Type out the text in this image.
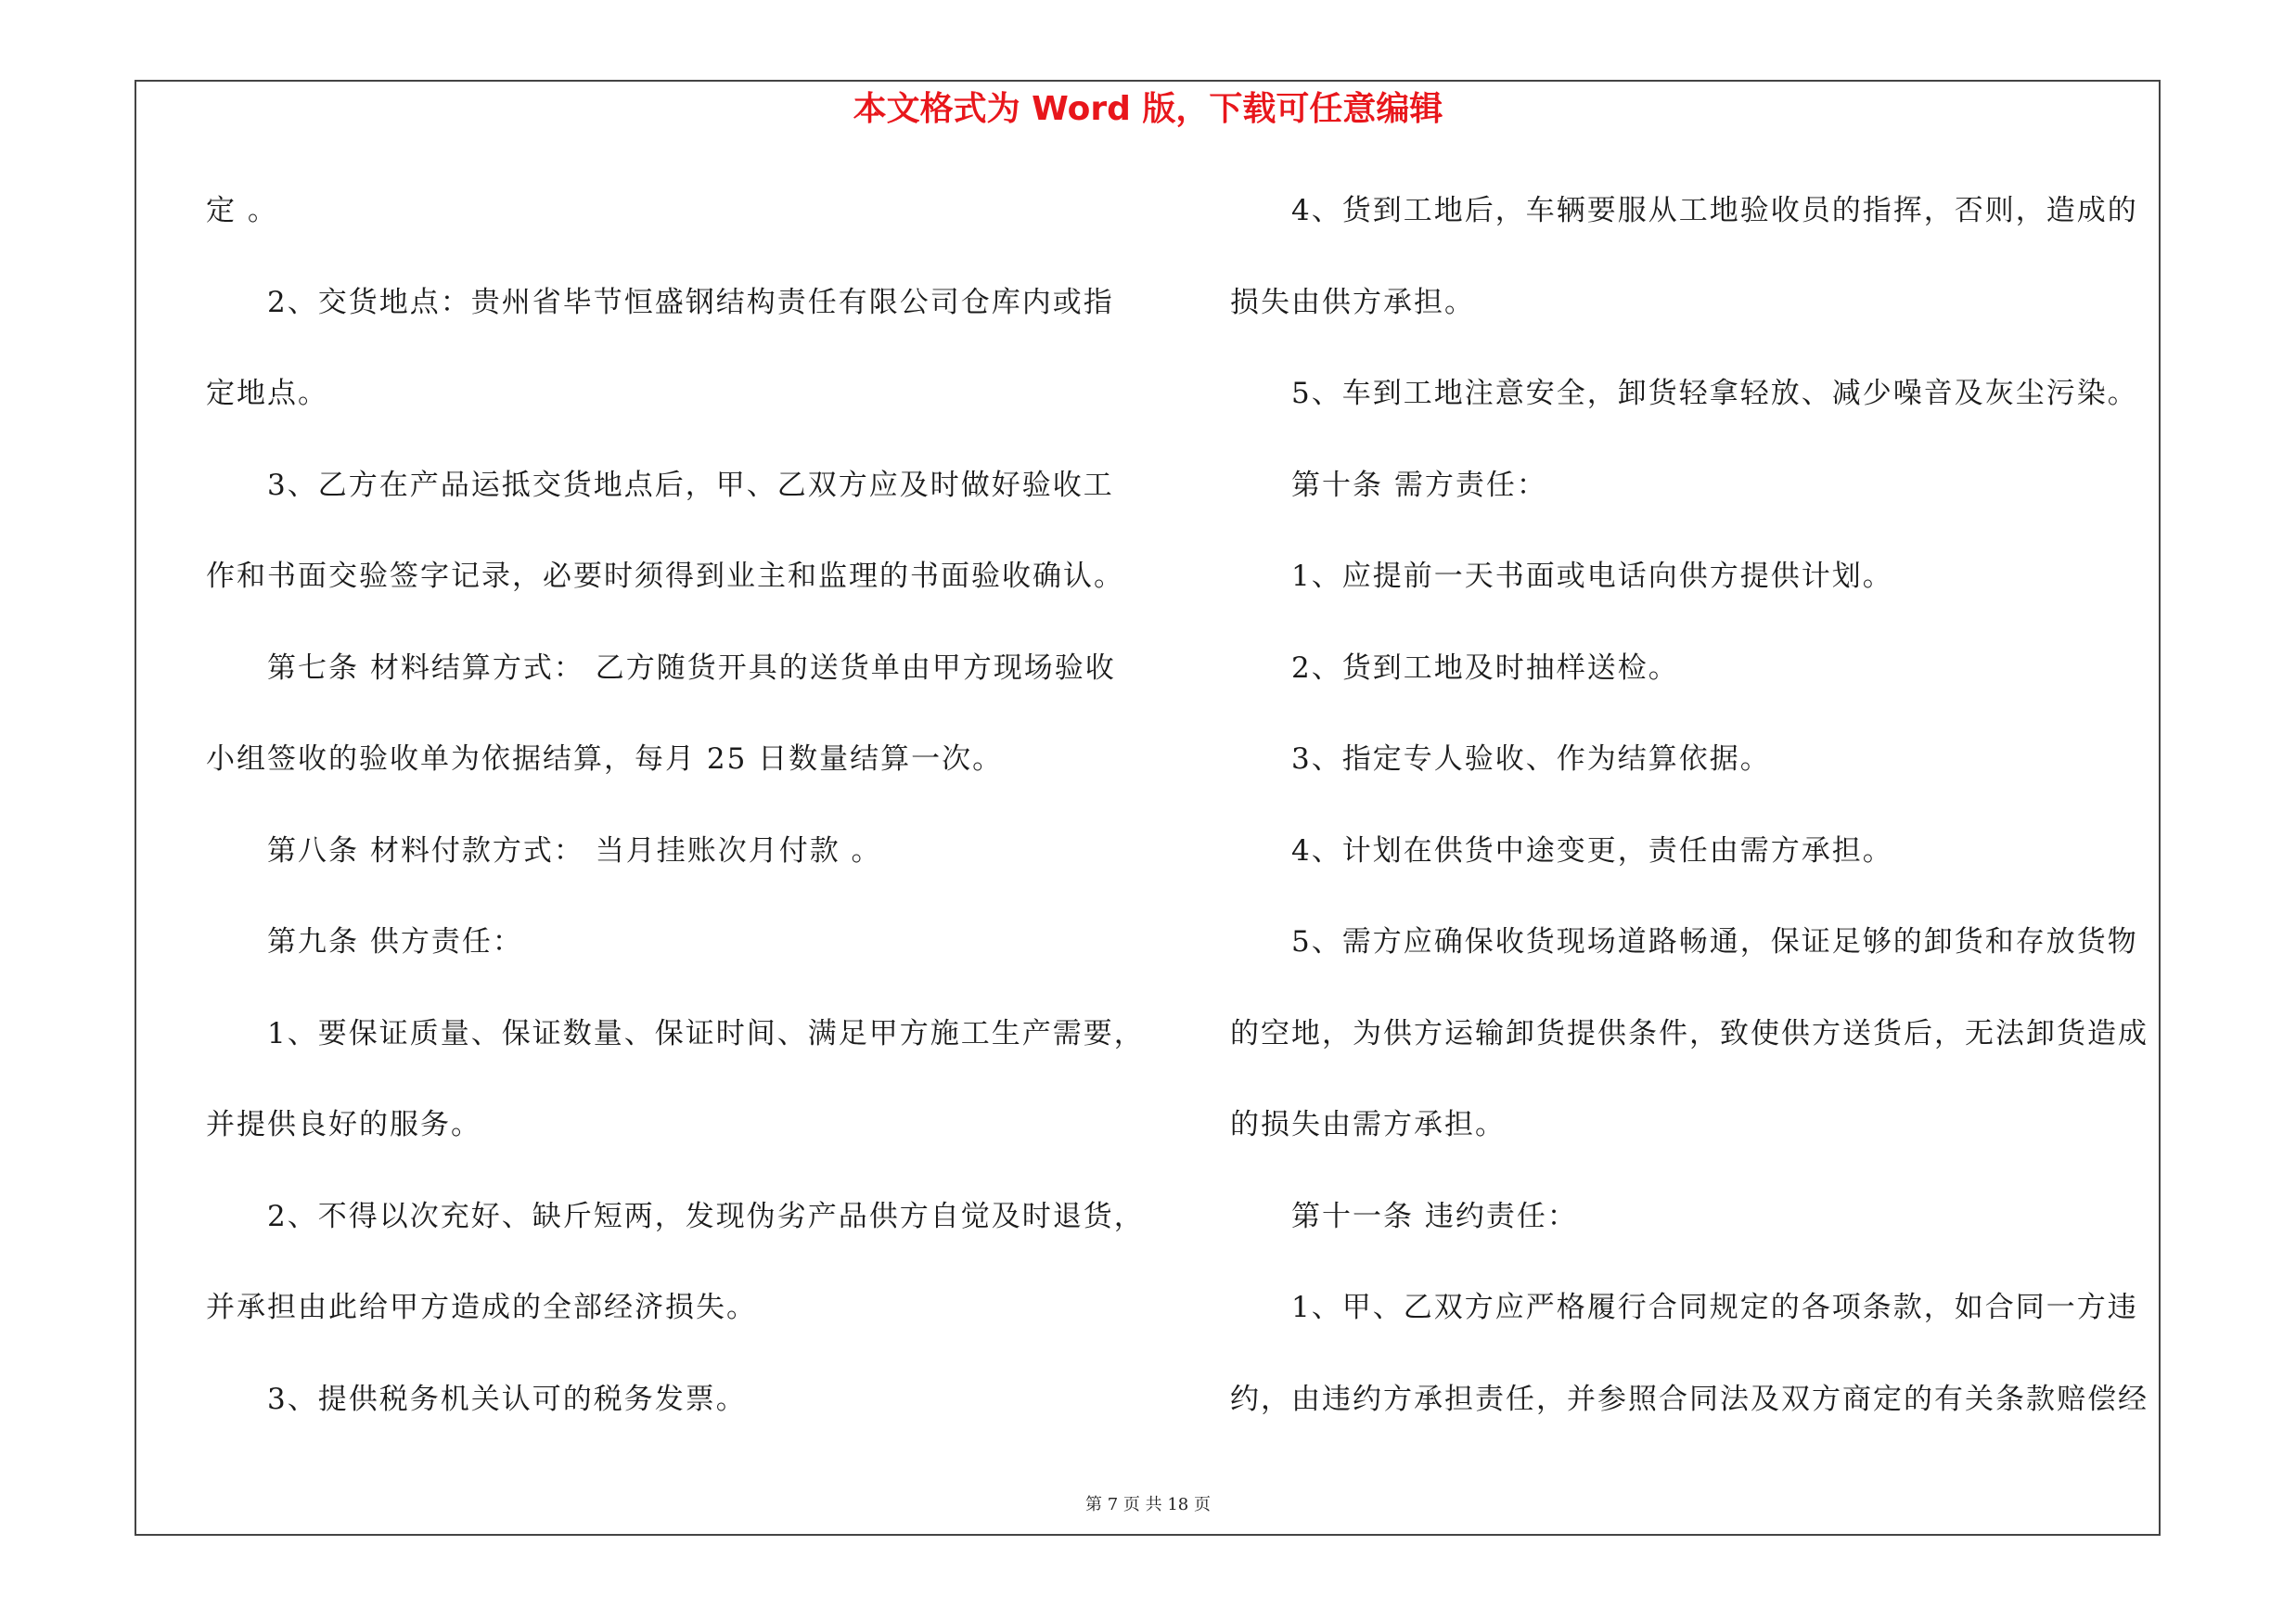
本文格式为 Word 版，下载可任意编辑
定 。
　　2、交货地点：贵州省毕节恒盛钢结构责任有限公司仓库内或指
定地点。
　　3、乙方在产品运抵交货地点后，甲、乙双方应及时做好验收工
作和书面交验签字记录，必要时须得到业主和监理的书面验收确认。
　　第七条 材料结算方式： 乙方随货开具的送货单由甲方现场验收
小组签收的验收单为依据结算，每月 25 日数量结算一次。
　　第八条 材料付款方式： 当月挂账次月付款 。
　　第九条 供方责任：
　　1、要保证质量、保证数量、保证时间、满足甲方施工生产需要，
并提供良好的服务。
　　2、不得以次充好、缺斤短两，发现伪劣产品供方自觉及时退货，
并承担由此给甲方造成的全部经济损失。
　　3、提供税务机关认可的税务发票。
　　4、货到工地后，车辆要服从工地验收员的指挥，否则，造成的
损失由供方承担。
　　5、车到工地注意安全，卸货轻拿轻放、减少噪音及灰尘污染。
　　第十条 需方责任：
　　1、应提前一天书面或电话向供方提供计划。
　　2、货到工地及时抽样送检。
　　3、指定专人验收、作为结算依据。
　　4、计划在供货中途变更，责任由需方承担。
　　5、需方应确保收货现场道路畅通，保证足够的卸货和存放货物
的空地，为供方运输卸货提供条件，致使供方送货后，无法卸货造成
的损失由需方承担。
　　第十一条 违约责任：
　　1、甲、乙双方应严格履行合同规定的各项条款，如合同一方违
约，由违约方承担责任，并参照合同法及双方商定的有关条款赔偿经
第 7 页 共 18 页
